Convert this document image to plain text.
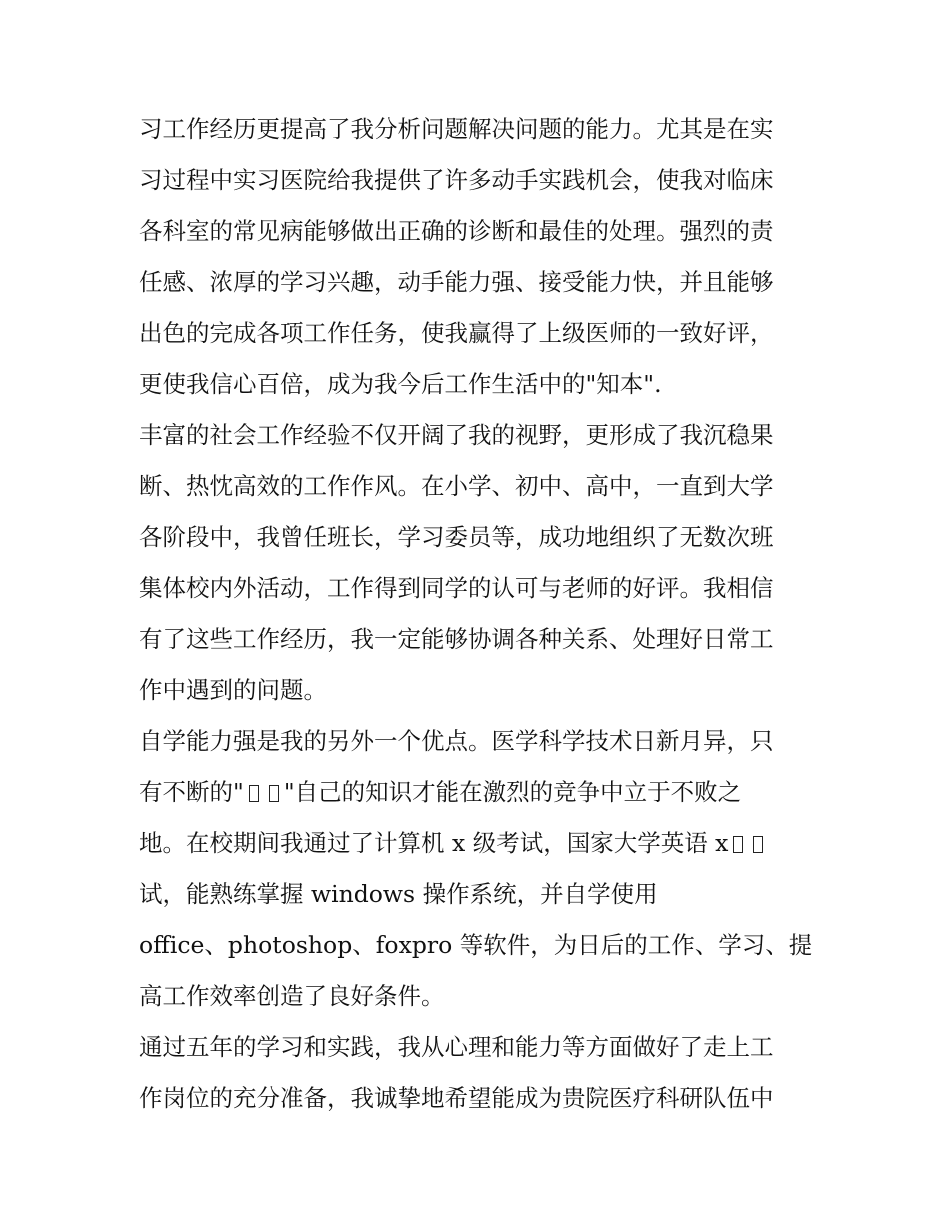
习工作经历更提高了我分析问题解决问题的能力。尤其是在实
习过程中实习医院给我提供了许多动手实践机会，使我对临床
各科室的常见病能够做出正确的诊断和最佳的处理。强烈的责
任感、浓厚的学习兴趣，动手能力强、接受能力快，并且能够
出色的完成各项工作任务，使我赢得了上级医师的一致好评，
更使我信心百倍，成为我今后工作生活中的"知本".
丰富的社会工作经验不仅开阔了我的视野，更形成了我沉稳果
断、热忱高效的工作作风。在小学、初中、高中，一直到大学
各阶段中，我曾任班长，学习委员等，成功地组织了无数次班
集体校内外活动，工作得到同学的认可与老师的好评。我相信
有了这些工作经历，我一定能够协调各种关系、处理好日常工
作中遇到的问题。
自学能力强是我的另外一个优点。医学科学技术日新月异，只
有不断的" "自己的知识才能在激烈的竞争中立于不败之
地。在校期间我通过了计算机 x 级考试，国家大学英语 x
试，能熟练掌握 windows 操作系统，并自学使用
office、photoshop、foxpro 等软件，为日后的工作、学习、提
高工作效率创造了良好条件。
通过五年的学习和实践，我从心理和能力等方面做好了走上工
作岗位的充分准备，我诚挚地希望能成为贵院医疗科研队伍中
